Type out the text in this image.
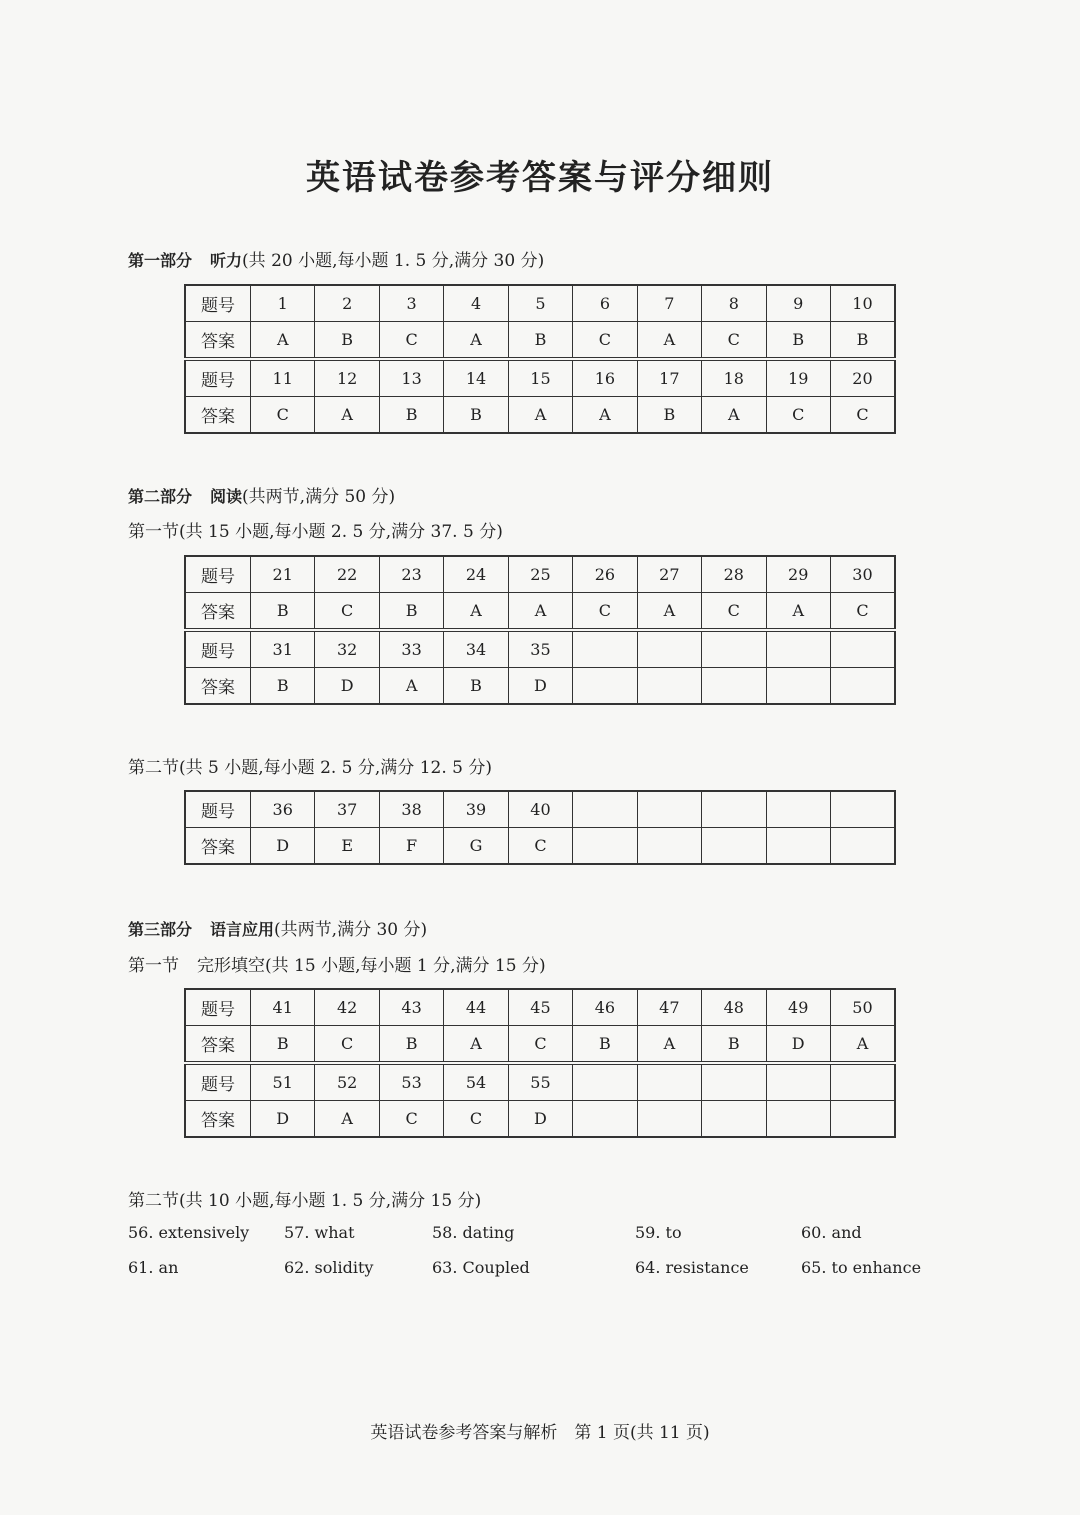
英语试卷参考答案与评分细则
第一部分 听力(共 20 小题,每小题 1. 5 分,满分 30 分)
题号	1	2	3	4	5	6	7	8	9	10
答案	A	B	C	A	B	C	A	C	B	B
题号	11	12	13	14	15	16	17	18	19	20
答案	C	A	B	B	A	A	B	A	C	C
第二部分 阅读(共两节,满分 50 分)
第一节(共 15 小题,每小题 2. 5 分,满分 37. 5 分)
题号	21	22	23	24	25	26	27	28	29	30
答案	B	C	B	A	A	C	A	C	A	C
题号	31	32	33	34	35					
答案	B	D	A	B	D					
第二节(共 5 小题,每小题 2. 5 分,满分 12. 5 分)
题号	36	37	38	39	40					
答案	D	E	F	G	C					
第三部分 语言应用(共两节,满分 30 分)
第一节 完形填空(共 15 小题,每小题 1 分,满分 15 分)
题号	41	42	43	44	45	46	47	48	49	50
答案	B	C	B	A	C	B	A	B	D	A
题号	51	52	53	54	55					
答案	D	A	C	C	D					
第二节(共 10 小题,每小题 1. 5 分,满分 15 分)
56. extensively 57. what	58. dating	59. to	60. and
61. an	62. solidity	63. Coupled	64. resistance	65. to enhance
英语试卷参考答案与解析　第 1 页(共 11 页)
